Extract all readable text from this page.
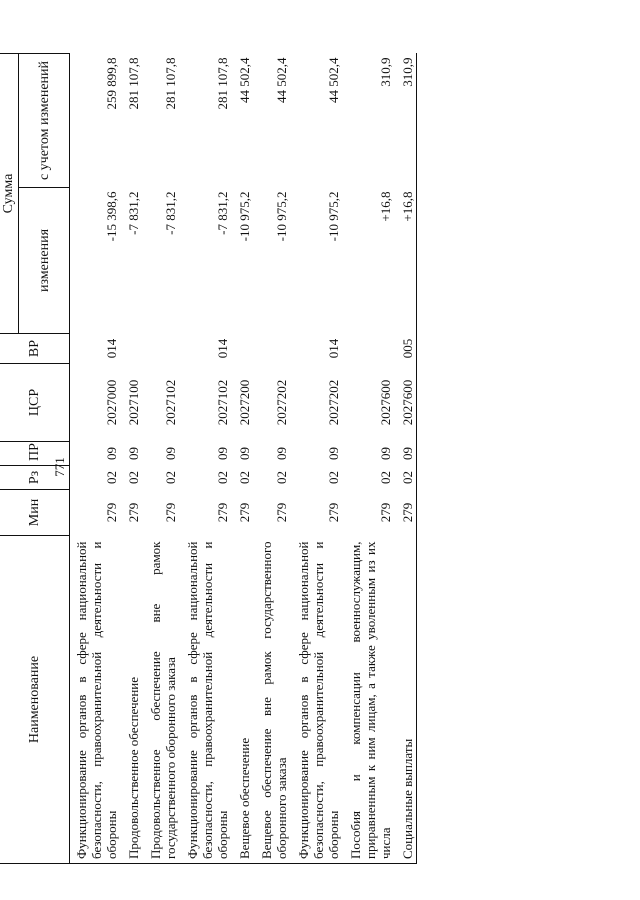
771
Наименование	Мин	Рз	ПР	ЦСР	ВР	Сумма	
						изменения	с учетом изменений
Функционирование органов в сфере национальной безопасности, правоохранительной деятельности и обороны	279	02	09	2027000	014	-15 398,6	259 899,8
Продовольственное обеспечение	279	02	09	2027100		-7 831,2	281 107,8
Продовольственное обеспечение вне рамок государственного оборонного заказа	279	02	09	2027102		-7 831,2	281 107,8
Функционирование органов в сфере национальной безопасности, правоохранительной деятельности и обороны	279	02	09	2027102	014	-7 831,2	281 107,8
Вещевое обеспечение	279	02	09	2027200		-10 975,2	44 502,4
Вещевое обеспечение вне рамок государственного оборонного заказа	279	02	09	2027202		-10 975,2	44 502,4
Функционирование органов в сфере национальной безопасности, правоохранительной деятельности и обороны	279	02	09	2027202	014	-10 975,2	44 502,4
Пособия и компенсации военнослужащим, приравненным к ним лицам, а также уволенным из их числа	279	02	09	2027600		+16,8	310,9
Социальные выплаты	279	02	09	2027600	005	+16,8	310,9
